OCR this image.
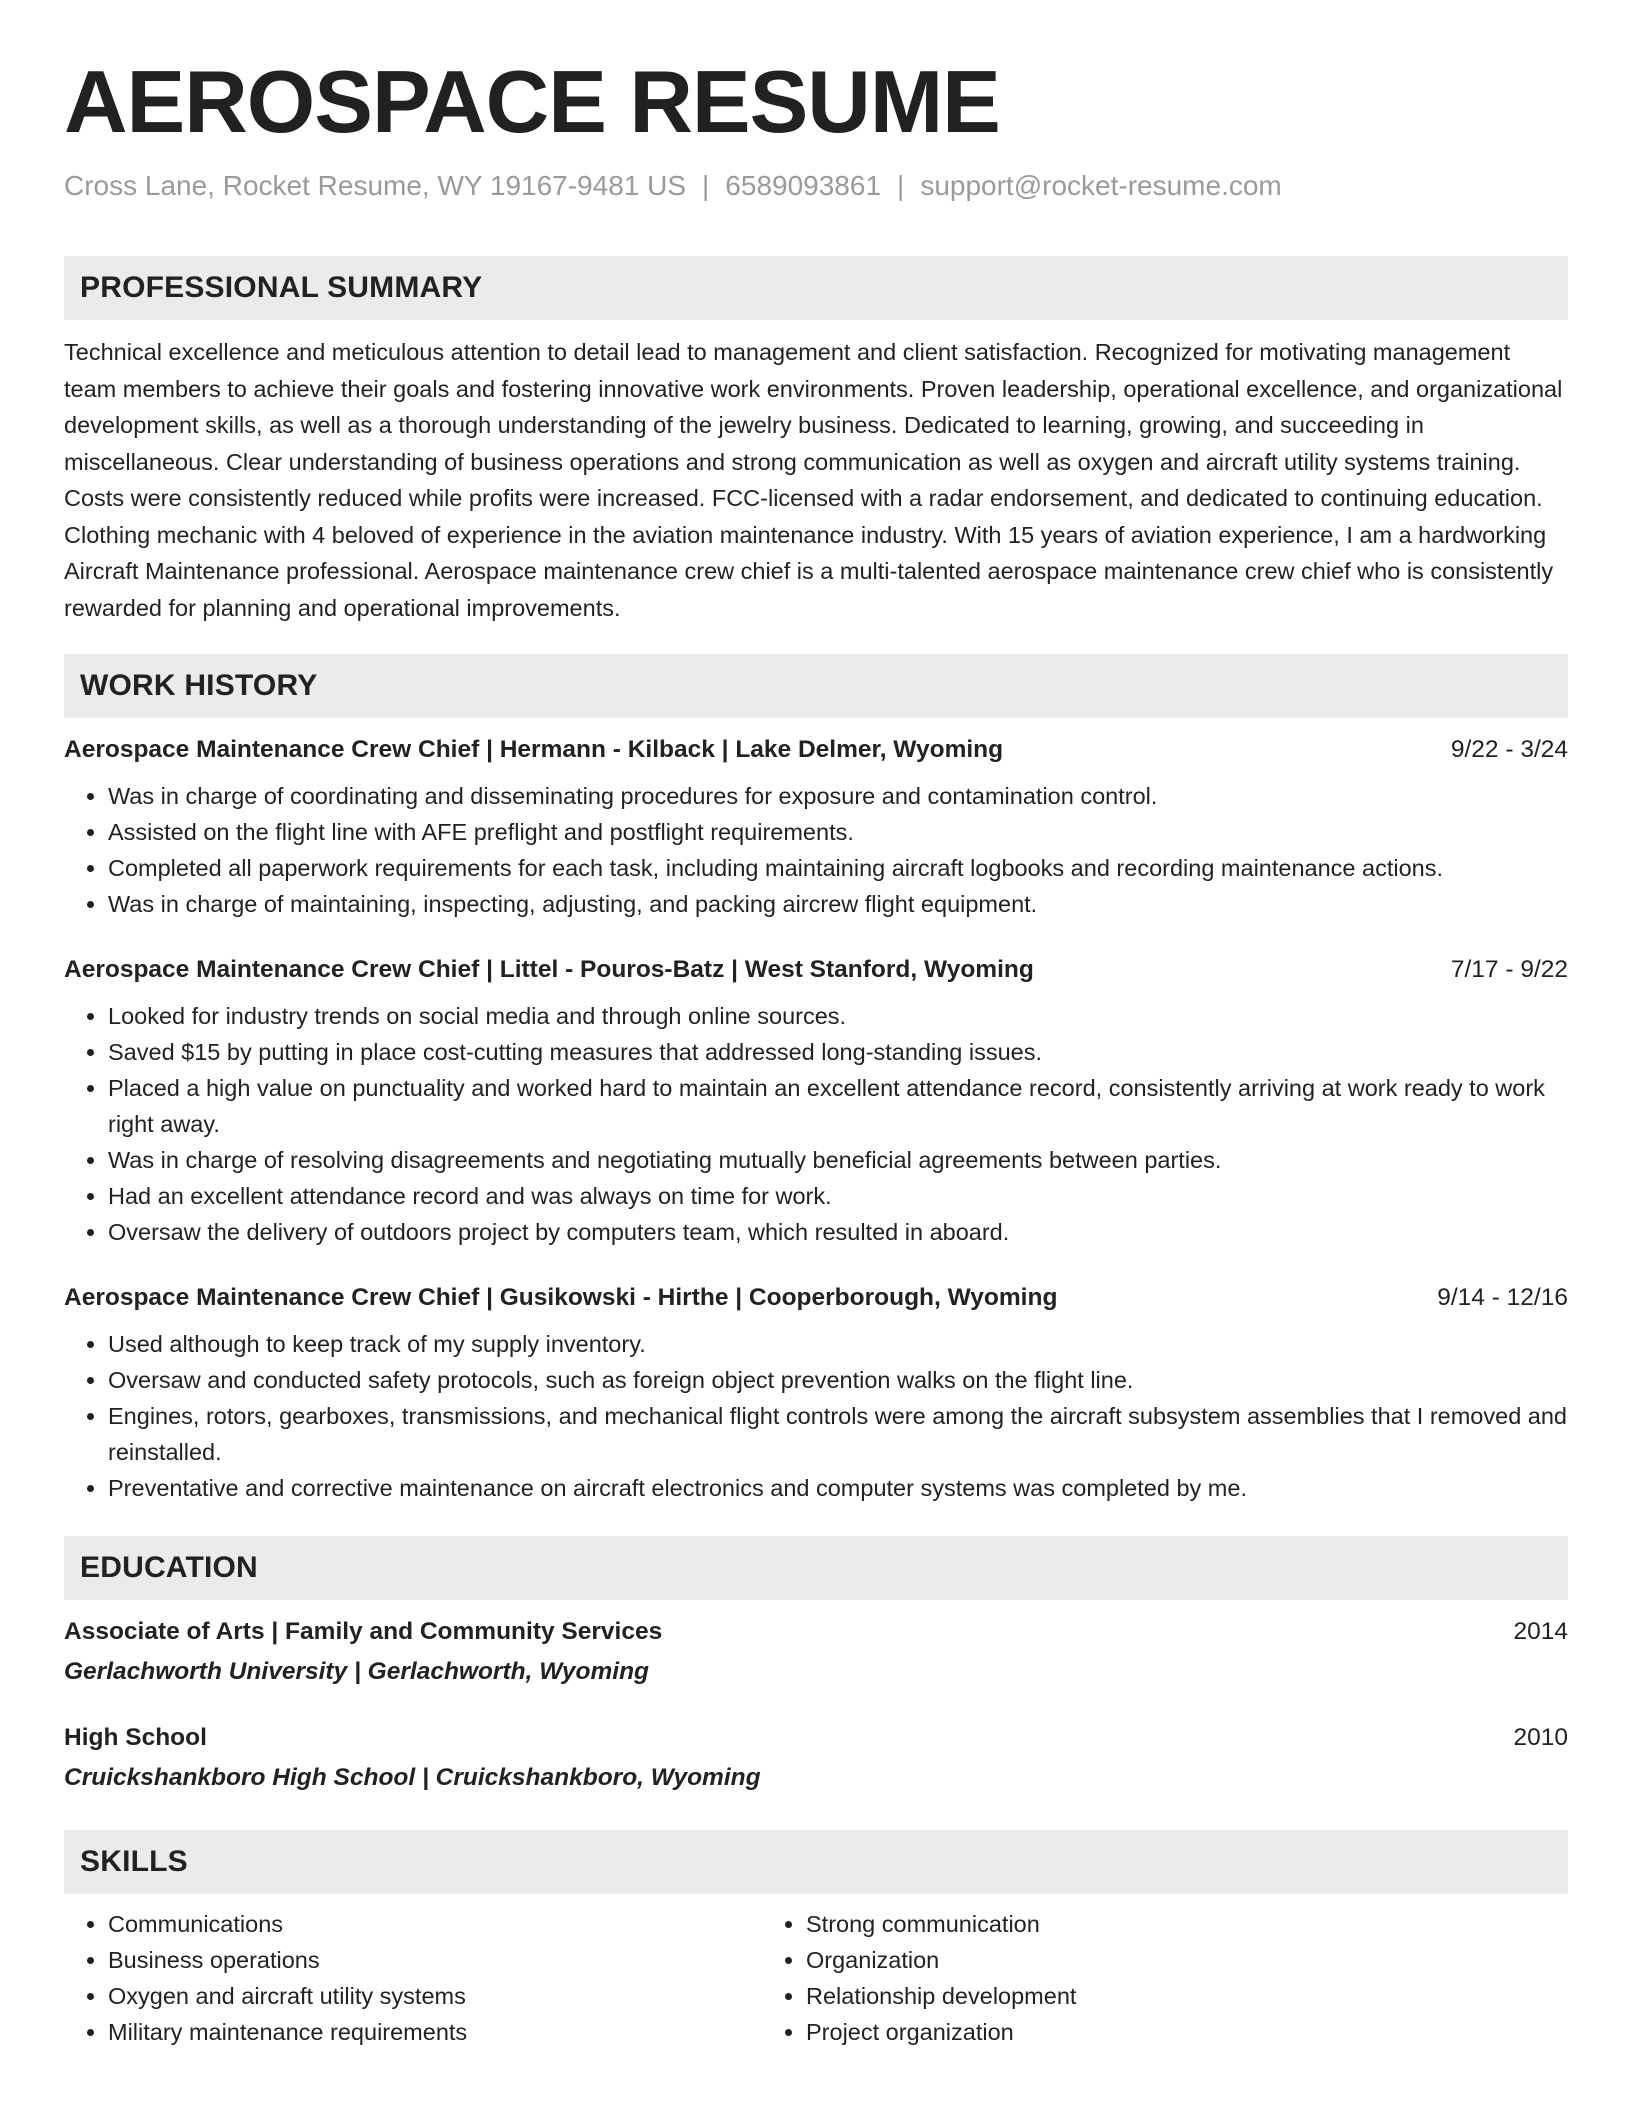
AEROSPACE RESUME
Cross Lane, Rocket Resume, WY 19167-9481 US | 6589093861 | support@rocket-resume.com
PROFESSIONAL SUMMARY
Technical excellence and meticulous attention to detail lead to management and client satisfaction. Recognized for motivating management team members to achieve their goals and fostering innovative work environments. Proven leadership, operational excellence, and organizational development skills, as well as a thorough understanding of the jewelry business. Dedicated to learning, growing, and succeeding in miscellaneous. Clear understanding of business operations and strong communication as well as oxygen and aircraft utility systems training. Costs were consistently reduced while profits were increased. FCC-licensed with a radar endorsement, and dedicated to continuing education. Clothing mechanic with 4 beloved of experience in the aviation maintenance industry. With 15 years of aviation experience, I am a hardworking Aircraft Maintenance professional. Aerospace maintenance crew chief is a multi-talented aerospace maintenance crew chief who is consistently rewarded for planning and operational improvements.
WORK HISTORY
Aerospace Maintenance Crew Chief | Hermann - Kilback | Lake Delmer, Wyoming	9/22 - 3/24
• Was in charge of coordinating and disseminating procedures for exposure and contamination control.
• Assisted on the flight line with AFE preflight and postflight requirements.
• Completed all paperwork requirements for each task, including maintaining aircraft logbooks and recording maintenance actions.
• Was in charge of maintaining, inspecting, adjusting, and packing aircrew flight equipment.
Aerospace Maintenance Crew Chief | Littel - Pouros-Batz | West Stanford, Wyoming	7/17 - 9/22
• Looked for industry trends on social media and through online sources.
• Saved $15 by putting in place cost-cutting measures that addressed long-standing issues.
• Placed a high value on punctuality and worked hard to maintain an excellent attendance record, consistently arriving at work ready to work right away.
• Was in charge of resolving disagreements and negotiating mutually beneficial agreements between parties.
• Had an excellent attendance record and was always on time for work.
• Oversaw the delivery of outdoors project by computers team, which resulted in aboard.
Aerospace Maintenance Crew Chief | Gusikowski - Hirthe | Cooperborough, Wyoming	9/14 - 12/16
• Used although to keep track of my supply inventory.
• Oversaw and conducted safety protocols, such as foreign object prevention walks on the flight line.
• Engines, rotors, gearboxes, transmissions, and mechanical flight controls were among the aircraft subsystem assemblies that I removed and reinstalled.
• Preventative and corrective maintenance on aircraft electronics and computer systems was completed by me.
EDUCATION
Associate of Arts | Family and Community Services	2014
Gerlachworth University | Gerlachworth, Wyoming
High School	2010
Cruickshankboro High School | Cruickshankboro, Wyoming
SKILLS
• Communications
• Business operations
• Oxygen and aircraft utility systems
• Military maintenance requirements
• Strong communication
• Organization
• Relationship development
• Project organization
